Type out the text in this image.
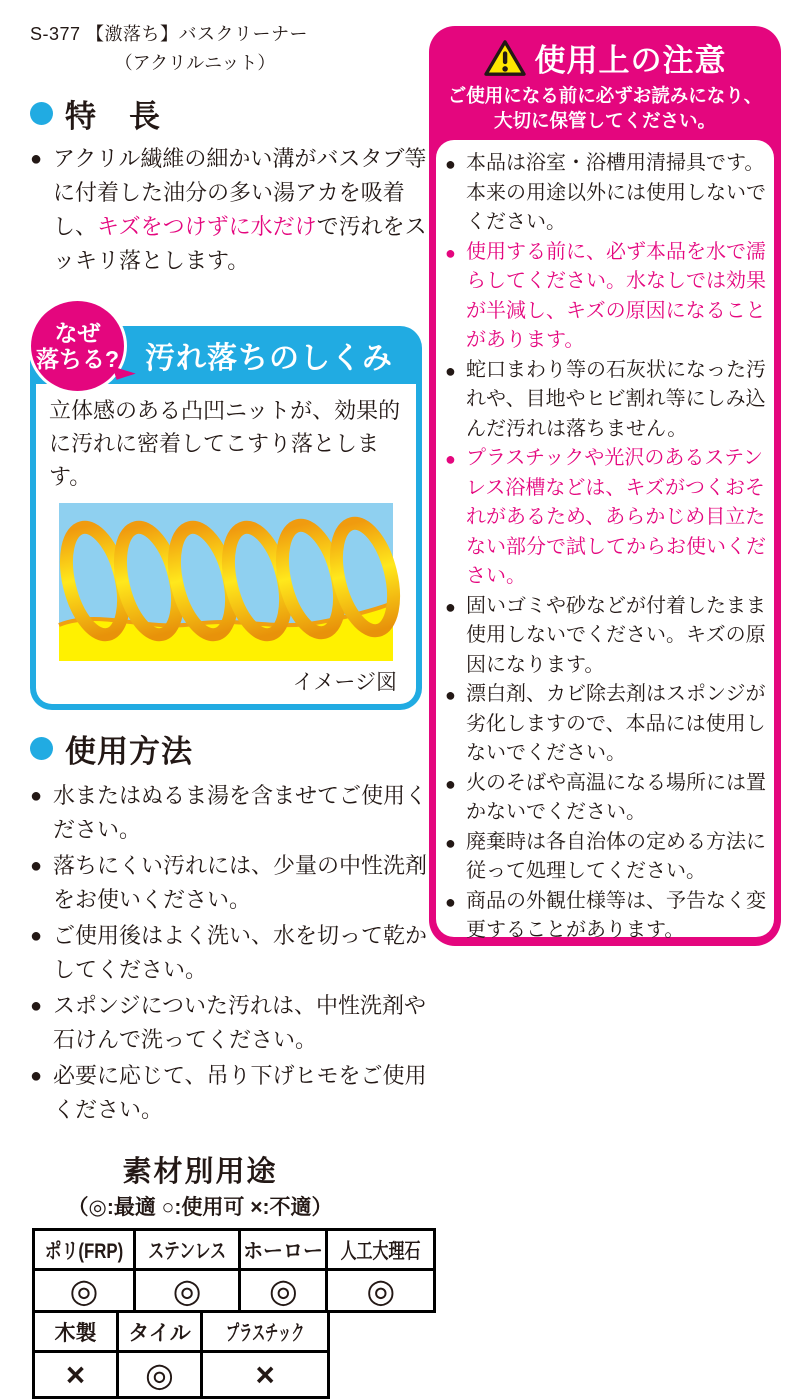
S-377 【激落ち】バスクリーナー
（アクリルニット）
特　長

● アクリル繊維の細かい溝がバスタブ等に付着した油分の多い湯アカを吸着し、キズをつけずに水だけで汚れをスッキリ落とします。

なぜ
落ちる? 汚れ落ちのしくみ

立体感のある凸凹ニットが、効果的に汚れに密着してこすり落とします。

イメージ図
使用方法
● 水またはぬるま湯を含ませてご使用ください。
● 落ちにくい汚れには、少量の中性洗剤をお使いください。
● ご使用後はよく洗い、水を切って乾かしてください。
● スポンジについた汚れは、中性洗剤や石けんで洗ってください。
● 必要に応じて、吊り下げヒモをご使用ください。
素材別用途
（◎:最適 ○:使用可 ×:不適）
ポリ(FRP)	ステンレス	ホーロー	人工大理石
◎	◎	◎	◎
木製	タイル	プラスチック
×	◎	×
使用上の注意
ご使用になる前に必ずお読みになり、
大切に保管してください。
● 本品は浴室・浴槽用清掃具です。本来の用途以外には使用しないでください。
● 使用する前に、必ず本品を水で濡らしてください。水なしでは効果が半減し、キズの原因になることがあります。
● 蛇口まわり等の石灰状になった汚れや、目地やヒビ割れ等にしみ込んだ汚れは落ちません。
● プラスチックや光沢のあるステンレス浴槽などは、キズがつくおそれがあるため、あらかじめ目立たない部分で試してからお使いください。
● 固いゴミや砂などが付着したまま使用しないでください。キズの原因になります。
● 漂白剤、カビ除去剤はスポンジが劣化しますので、本品には使用しないでください。
● 火のそばや高温になる場所には置かないでください。
● 廃棄時は各自治体の定める方法に従って処理してください。
● 商品の外観仕様等は、予告なく変更することがあります。
